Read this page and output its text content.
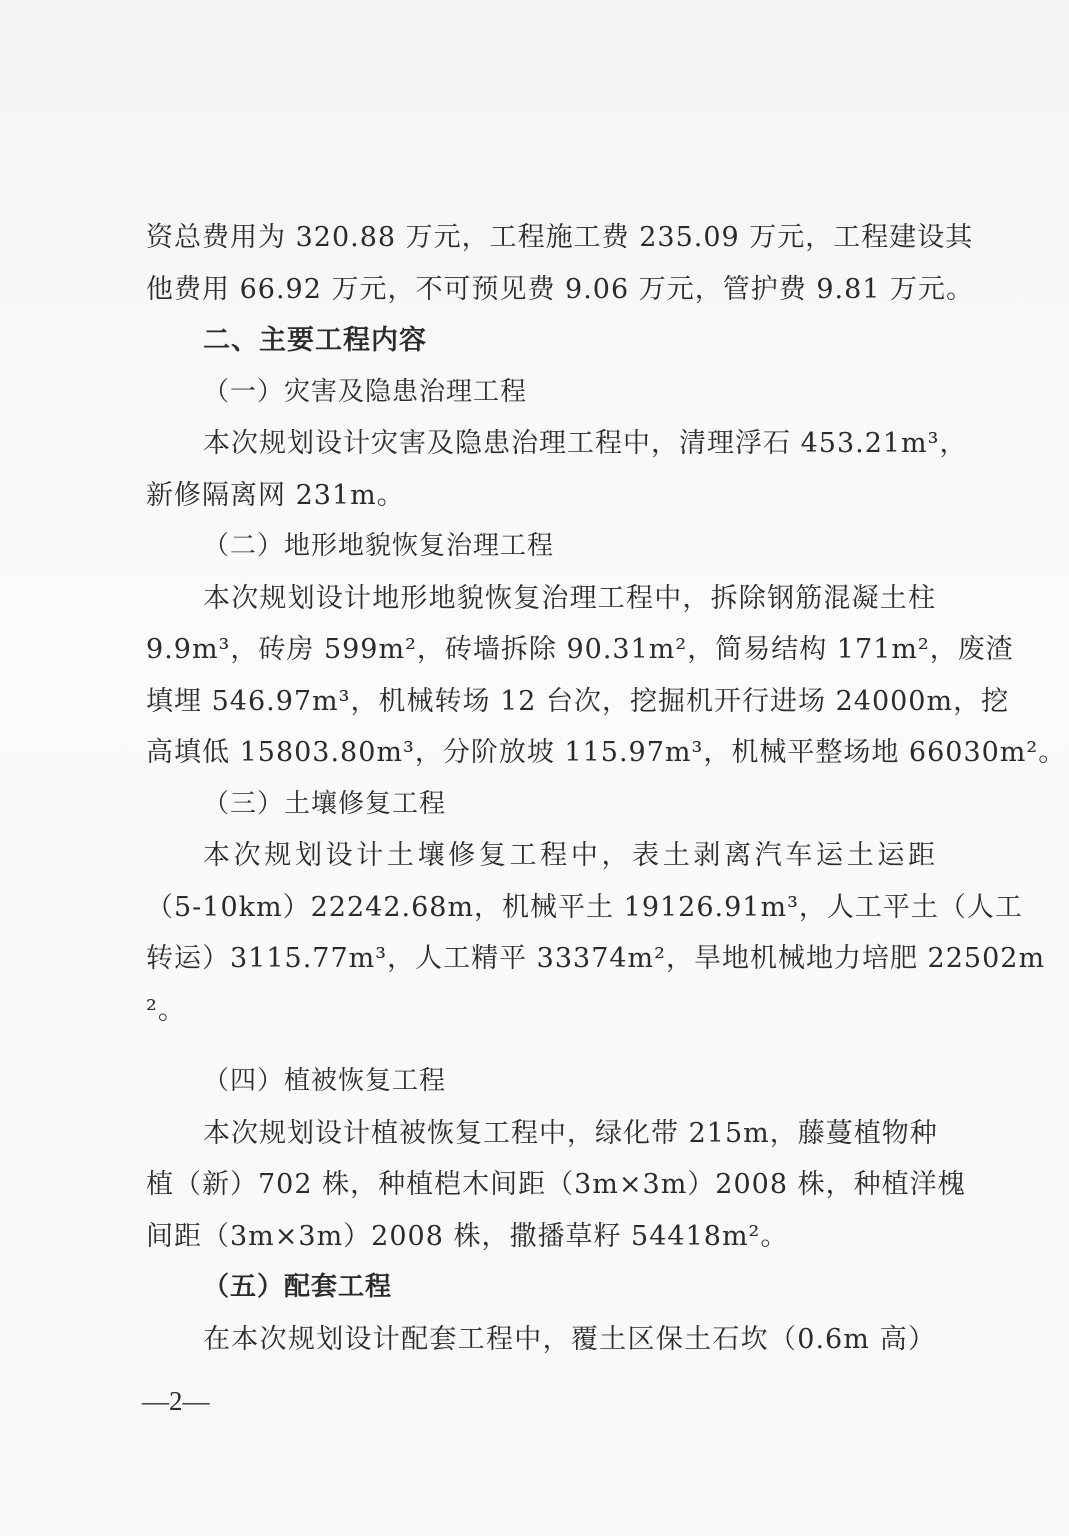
资总费用为 320.88 万元，工程施工费 235.09 万元，工程建设其
他费用 66.92 万元，不可预见费 9.06 万元，管护费 9.81 万元。
二、主要工程内容
（一）灾害及隐患治理工程
本次规划设计灾害及隐患治理工程中，清理浮石 453.21m³，
新修隔离网 231m。
（二）地形地貌恢复治理工程
本次规划设计地形地貌恢复治理工程中，拆除钢筋混凝土柱
9.9m³，砖房 599m²，砖墙拆除 90.31m²，简易结构 171m²，废渣
填埋 546.97m³，机械转场 12 台次，挖掘机开行进场 24000m，挖
高填低 15803.80m³，分阶放坡 115.97m³，机械平整场地 66030m²。
（三）土壤修复工程
本次规划设计土壤修复工程中，表土剥离汽车运土运距
（5-10km）22242.68m，机械平土 19126.91m³，人工平土（人工
转运）3115.77m³，人工精平 33374m²，旱地机械地力培肥 22502m
²。
（四）植被恢复工程
本次规划设计植被恢复工程中，绿化带 215m，藤蔓植物种
植（新）702 株，种植桤木间距（3m×3m）2008 株，种植洋槐
间距（3m×3m）2008 株，撒播草籽 54418m²。
（五）配套工程
在本次规划设计配套工程中，覆土区保土石坎（0.6m 高）
—2—
